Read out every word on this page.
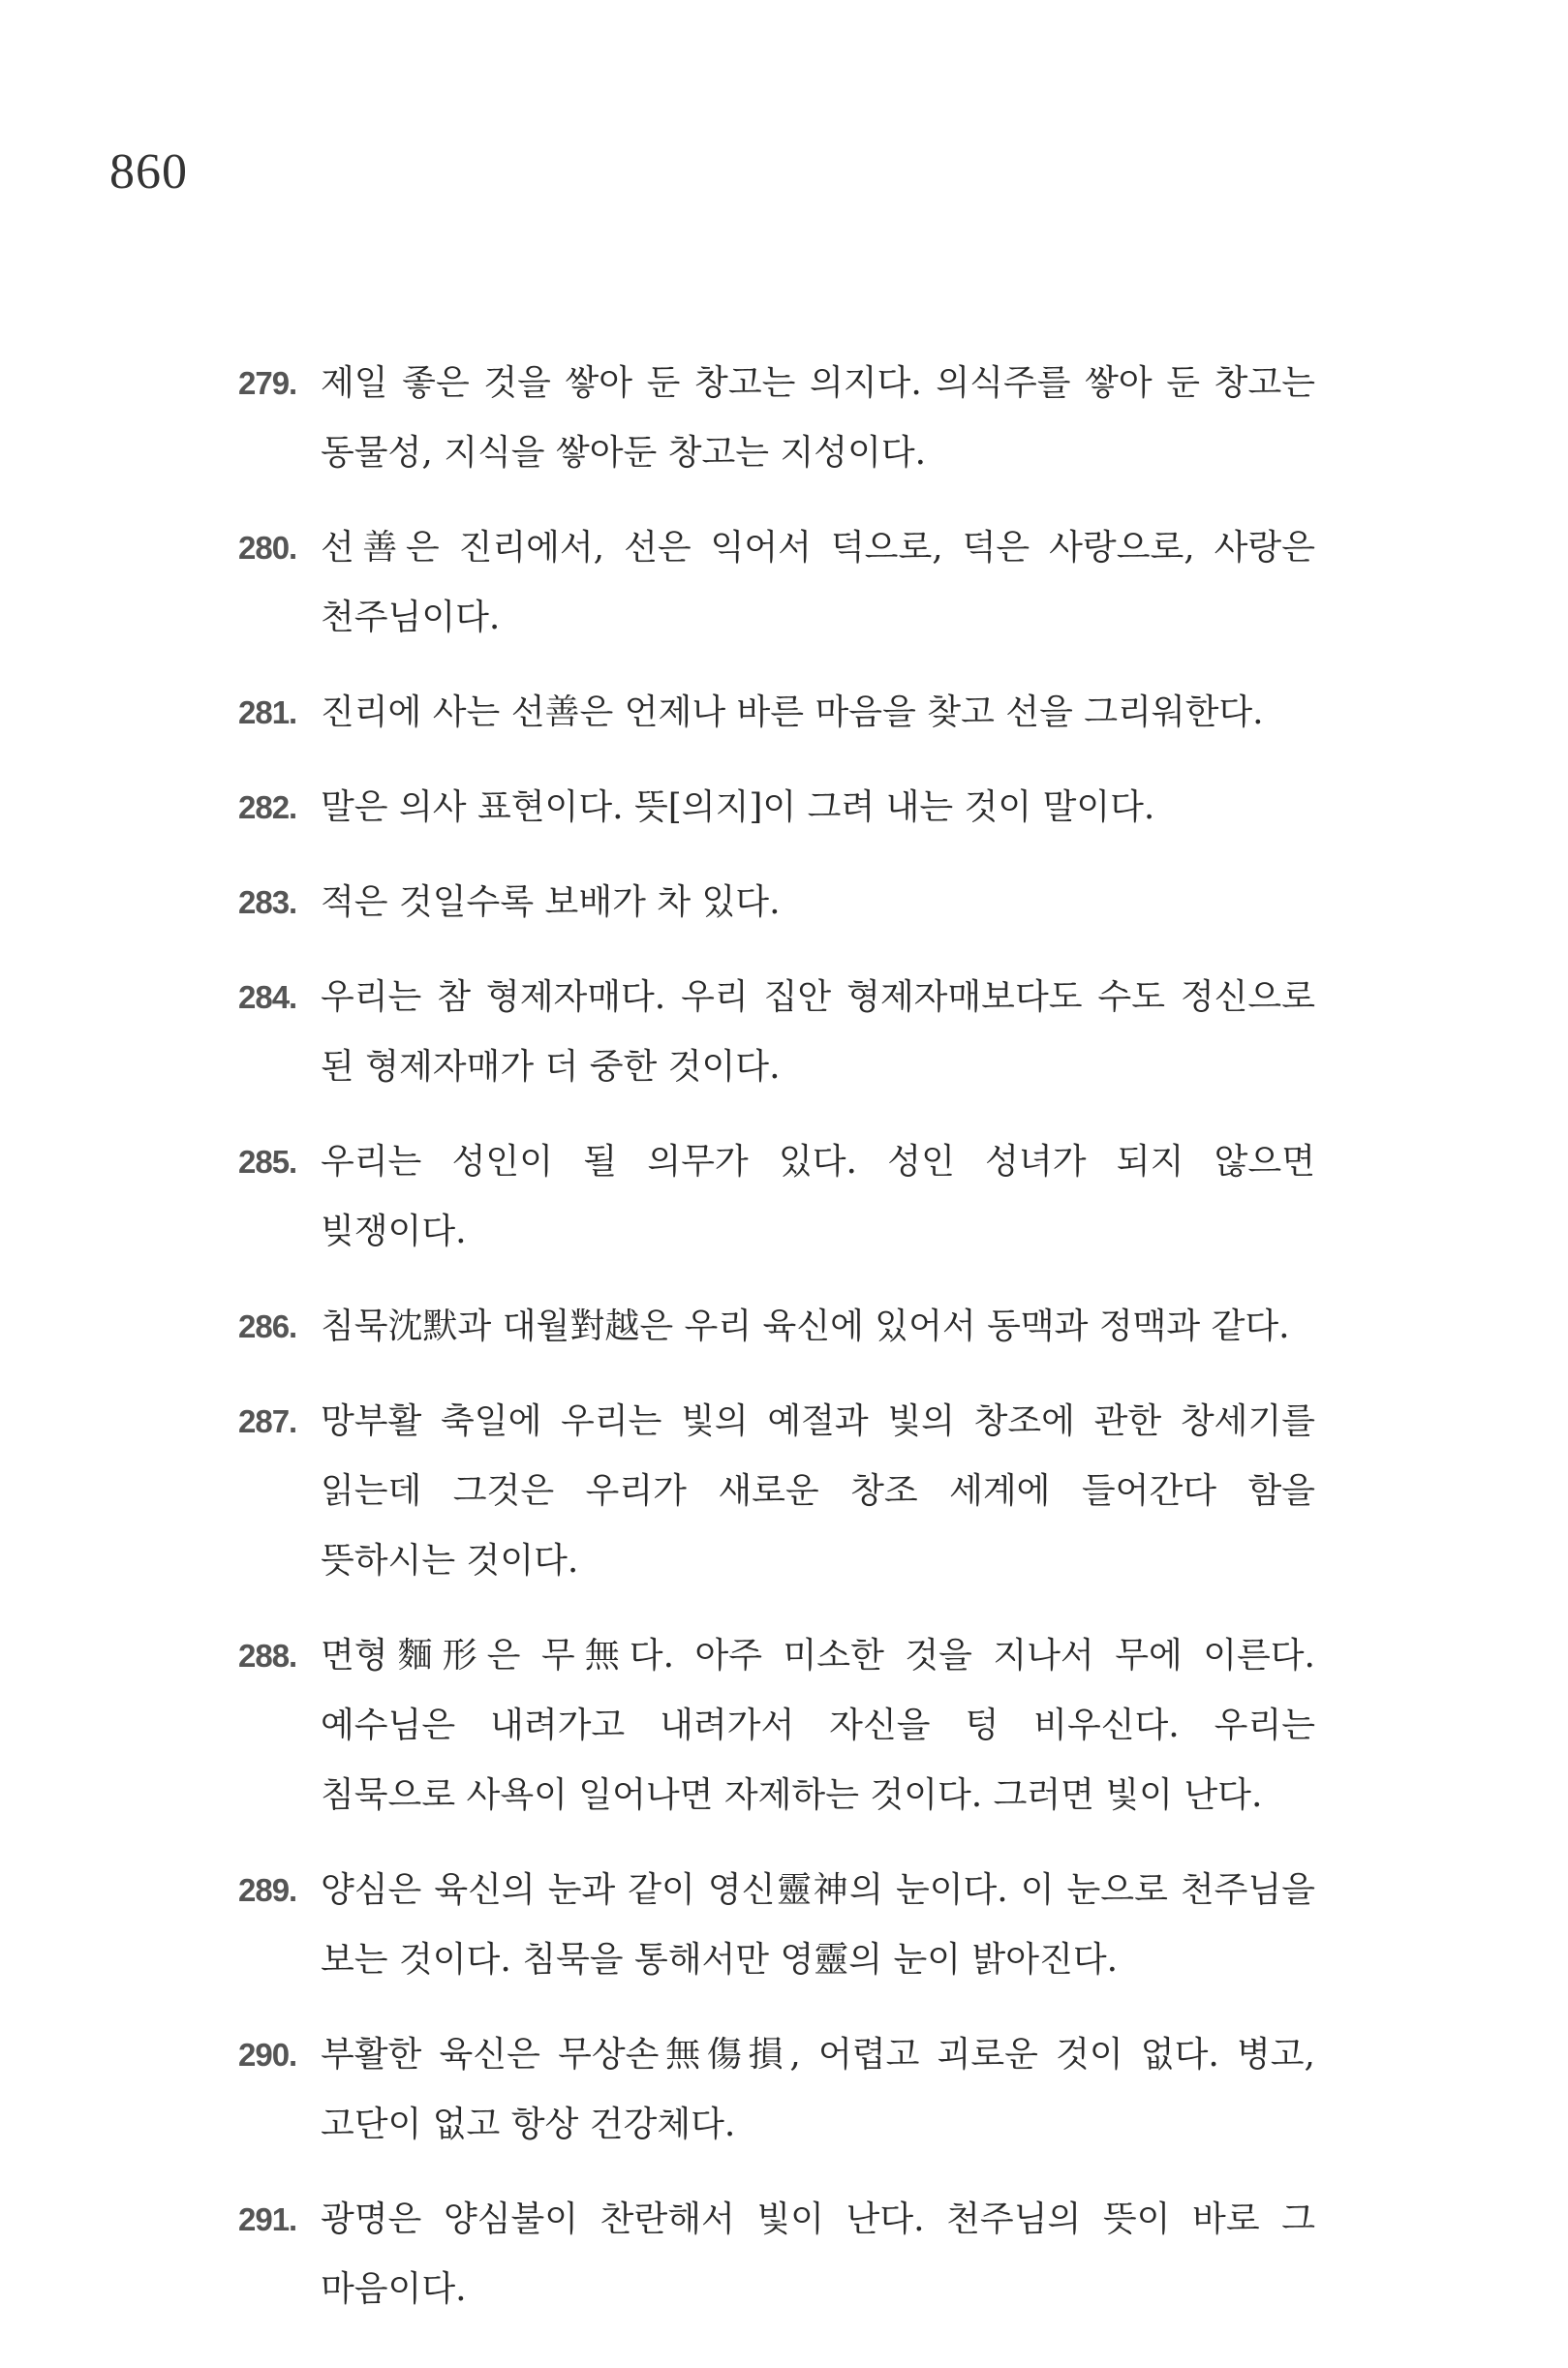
860
279. 제일 좋은 것을 쌓아 둔 창고는 의지다. 의식주를 쌓아 둔 창고는 동물성, 지식을 쌓아둔 창고는 지성이다.
280. 선善은 진리에서, 선은 익어서 덕으로, 덕은 사랑으로, 사랑은 천주님이다.
281. 진리에 사는 선善은 언제나 바른 마음을 찾고 선을 그리워한다.
282. 말은 의사 표현이다. 뜻[의지]이 그려 내는 것이 말이다.
283. 적은 것일수록 보배가 차 있다.
284. 우리는 참 형제자매다. 우리 집안 형제자매보다도 수도 정신으로 된 형제자매가 더 중한 것이다.
285. 우리는 성인이 될 의무가 있다. 성인 성녀가 되지 않으면 빚쟁이다.
286. 침묵沈默과 대월對越은 우리 육신에 있어서 동맥과 정맥과 같다.
287. 망부활 축일에 우리는 빛의 예절과 빛의 창조에 관한 창세기를 읽는데 그것은 우리가 새로운 창조 세계에 들어간다 함을 뜻하시는 것이다.
288. 면형麵形은 무無다. 아주 미소한 것을 지나서 무에 이른다. 예수님은 내려가고 내려가서 자신을 텅 비우신다. 우리는 침묵으로 사욕이 일어나면 자제하는 것이다. 그러면 빛이 난다.
289. 양심은 육신의 눈과 같이 영신靈神의 눈이다. 이 눈으로 천주님을 보는 것이다. 침묵을 통해서만 영靈의 눈이 밝아진다.
290. 부활한 육신은 무상손無傷損, 어렵고 괴로운 것이 없다. 병고, 고단이 없고 항상 건강체다.
291. 광명은 양심불이 찬란해서 빛이 난다. 천주님의 뜻이 바로 그 마음이다.
